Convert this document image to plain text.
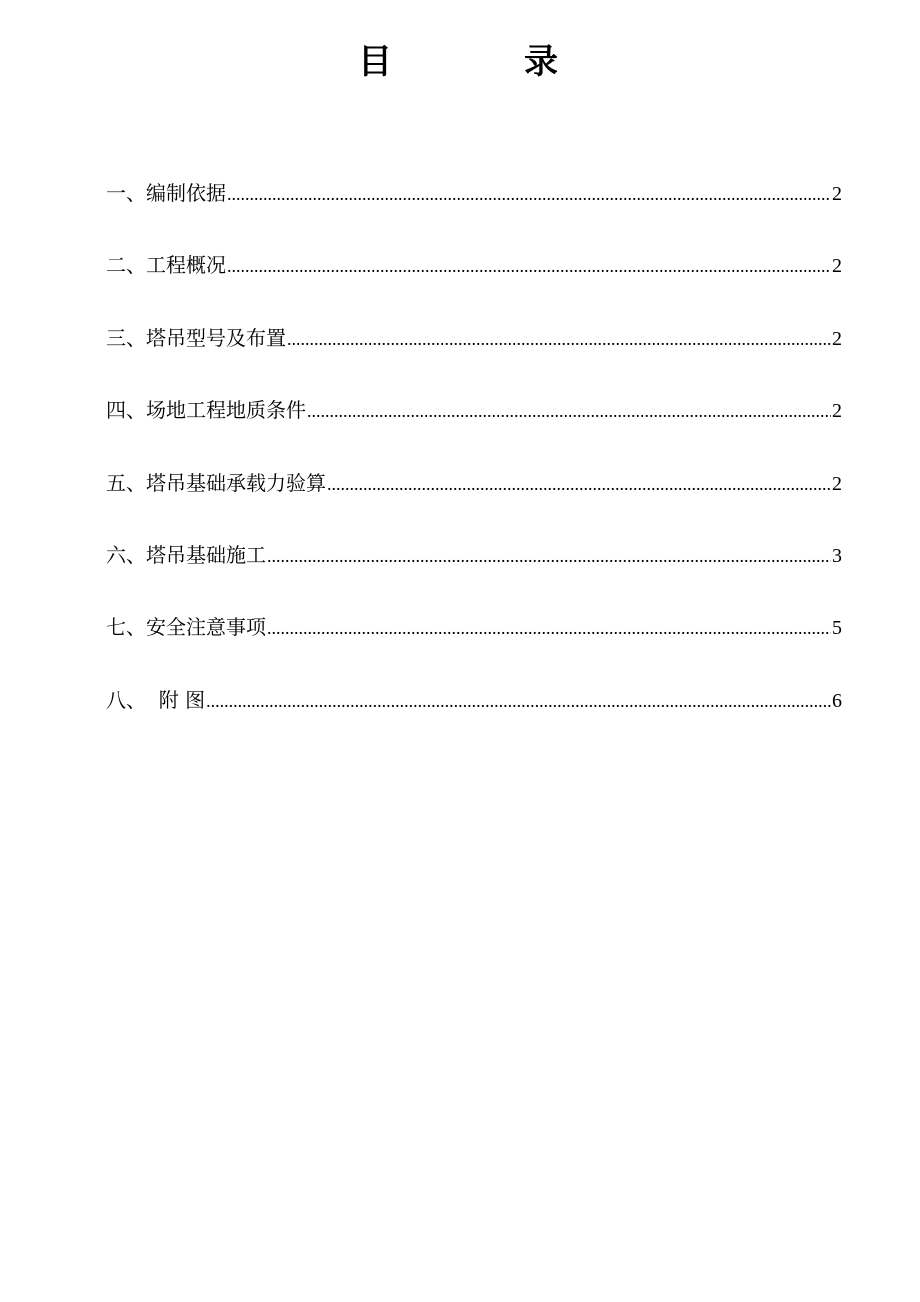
目	录
一、编制依据 .....	2
二、工程概况 .....	2
三、塔吊型号及布置 .....	2
四、场地工程地质条件 .....	2
五、塔吊基础承载力验算 .....	2
六、塔吊基础施工 .....	3
七、安全注意事项 .....	5
八、  附 图 .....	6
